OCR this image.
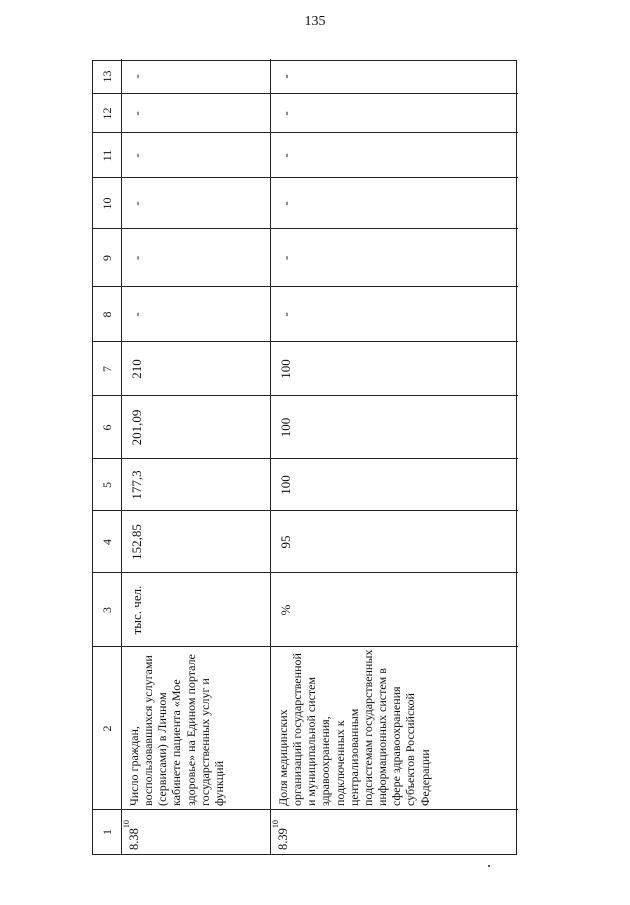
135
1
2
3
4
5
6
7
8
9
10
11
12
13
8.38
10
Число граждан, воспользовавшихся услугами (сервисами) в Личном кабинете пациента «Мое здоровье» на Едином портале государственных услуг и функций
тыс. чел.
152,85
177,3
201,09
210
-
-
-
-
-
-
8.39
10
Доля медицинских организаций государственной и муниципальной систем здравоохранения, подключенных к централизованным подсистемам государственных информационных систем в сфере здравоохранения субъектов Российской Федерации
%
95
100
100
100
-
-
-
-
-
-
